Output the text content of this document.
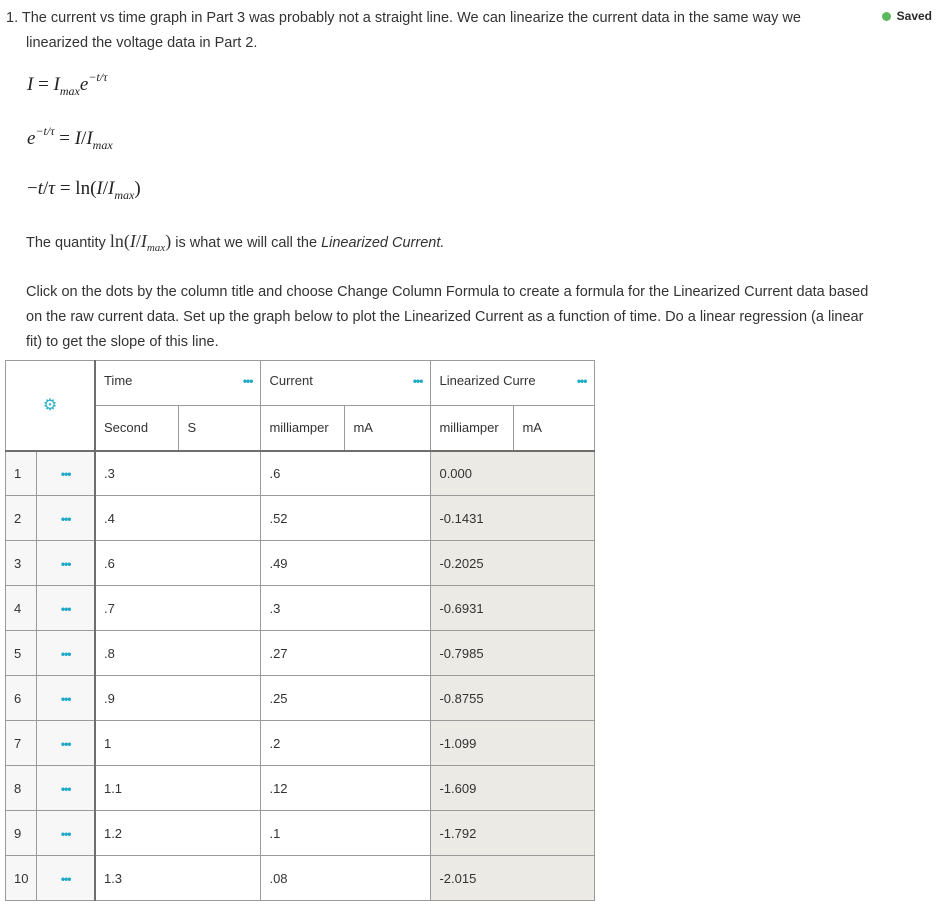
1. The current vs time graph in Part 3 was probably not a straight line. We can linearize the current data in the same way we
linearized the voltage data in Part 2.
Saved
$I = I_{max}e^{-t/\tau}$
$e^{-t/\tau} = I/I_{max}$
$-t/\tau = \ln(I/I_{max})$
The quantity $\ln(I/I_{max})$ is what we will call the Linearized Current.
Click on the dots by the column title and choose Change Column Formula to create a formula for the Linearized Current data based on the raw current data. Set up the graph below to plot the Linearized Current as a function of time. Do a linear regression (a linear fit) to get the slope of this line.
⚙		Time •••		Current •••		Linearized Curre •••	

		Second	S	milliamper	mA	milliamper	mA
1	•••	.3		.6		0.000	
2	•••	.4		.52		-0.1431	
3	•••	.6		.49		-0.2025	
4	•••	.7		.3		-0.6931	
5	•••	.8		.27		-0.7985	
6	•••	.9		.25		-0.8755	
7	•••	1		.2		-1.099	
8	•••	1.1		.12		-1.609	
9	•••	1.2		.1		-1.792	
10	•••	1.3		.08		-2.015	
